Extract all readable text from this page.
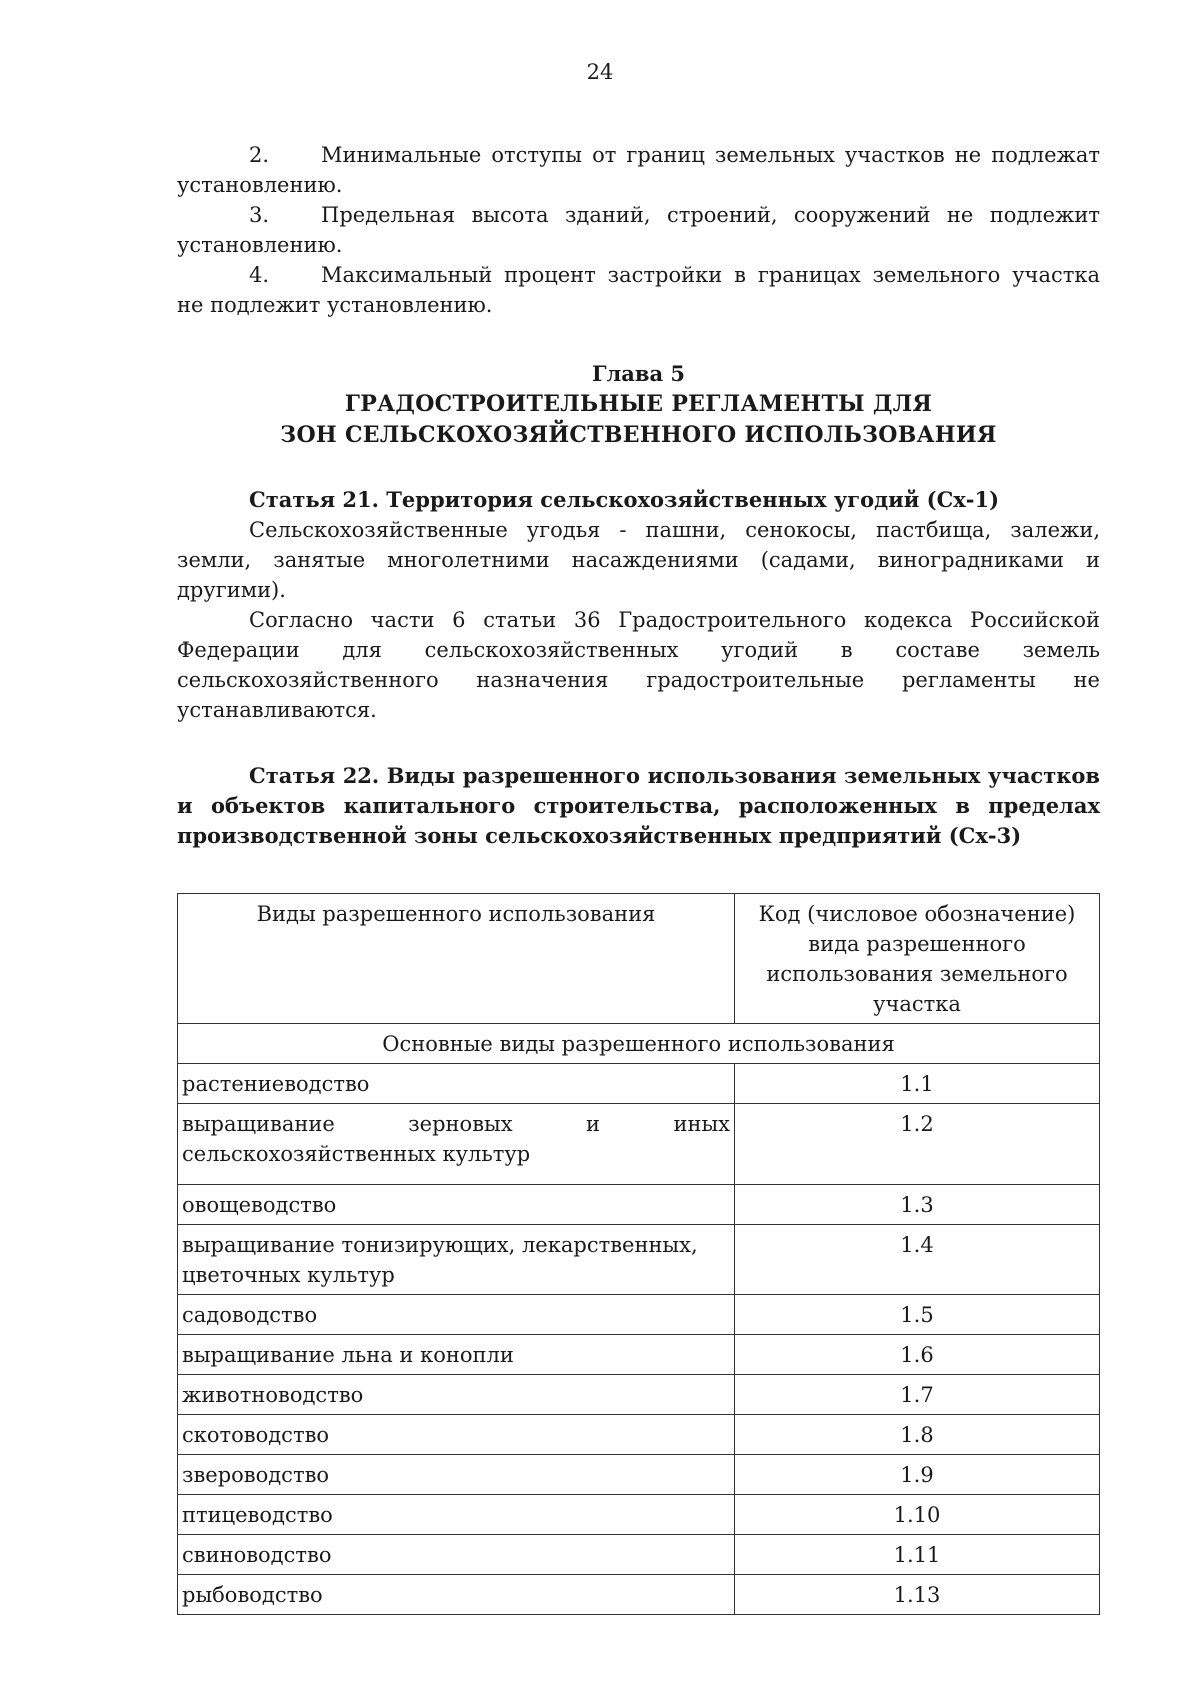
24

2. Минимальные отступы от границ земельных участков не подлежат установлению.

3. Предельная высота зданий, строений, сооружений не подлежит установлению.

4. Максимальный процент застройки в границах земельного участка не подлежит установлению.

Глава 5
ГРАДОСТРОИТЕЛЬНЫЕ РЕГЛАМЕНТЫ ДЛЯ
ЗОН СЕЛЬСКОХОЗЯЙСТВЕННОГО ИСПОЛЬЗОВАНИЯ

Статья 21. Территория сельскохозяйственных угодий (Сх-1)

Сельскохозяйственные угодья - пашни, сенокосы, пастбища, залежи, земли, занятые многолетними насаждениями (садами, виноградниками и другими).

Согласно части 6 статьи 36 Градостроительного кодекса Российской Федерации для сельскохозяйственных угодий в составе земель сельскохозяйственного назначения градостроительные регламенты не устанавливаются.

Статья 22. Виды разрешенного использования земельных участков и объектов капитального строительства, расположенных в пределах производственной зоны сельскохозяйственных предприятий (Сх-3)

Виды разрешенного использования	Код (числовое обозначение) вида разрешенного использования земельного участка
Основные виды разрешенного использования	
растениеводство	1.1
выращивание зерновых и иных сельскохозяйственных культур	1.2
овощеводство	1.3
выращивание тонизирующих, лекарственных, цветочных культур	1.4
садоводство	1.5
выращивание льна и конопли	1.6
животноводство	1.7
скотоводство	1.8
звероводство	1.9
птицеводство	1.10
свиноводство	1.11
рыбоводство	1.13
